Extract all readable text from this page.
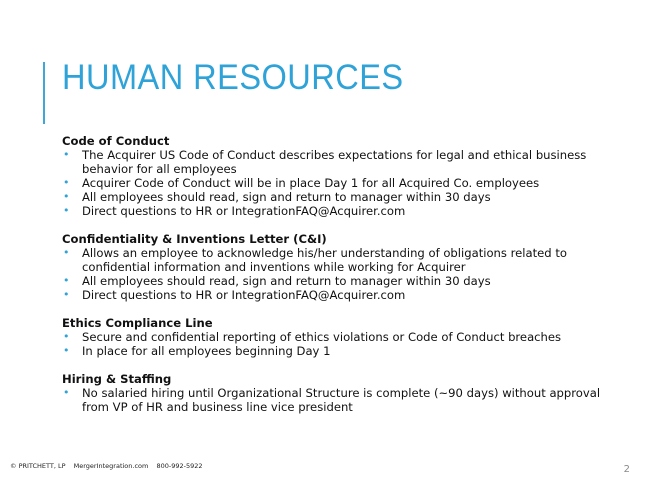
HUMAN RESOURCES

Code of Conduct

• The Acquirer US Code of Conduct describes expectations for legal and ethical business behavior for all employees
• Acquirer Code of Conduct will be in place Day 1 for all Acquired Co. employees
• All employees should read, sign and return to manager within 30 days
• Direct questions to HR or IntegrationFAQ@Acquirer.com

Confidentiality & Inventions Letter (C&I)

• Allows an employee to acknowledge his/her understanding of obligations related to confidential information and inventions while working for Acquirer
• All employees should read, sign and return to manager within 30 days
• Direct questions to HR or IntegrationFAQ@Acquirer.com

Ethics Compliance Line

• Secure and confidential reporting of ethics violations or Code of Conduct breaches
• In place for all employees beginning Day 1

Hiring & Staffing

• No salaried hiring until Organizational Structure is complete (~90 days) without approval from VP of HR and business line vice president
© PRITCHETT, LP MergerIntegration.com 800-992-5922	2
